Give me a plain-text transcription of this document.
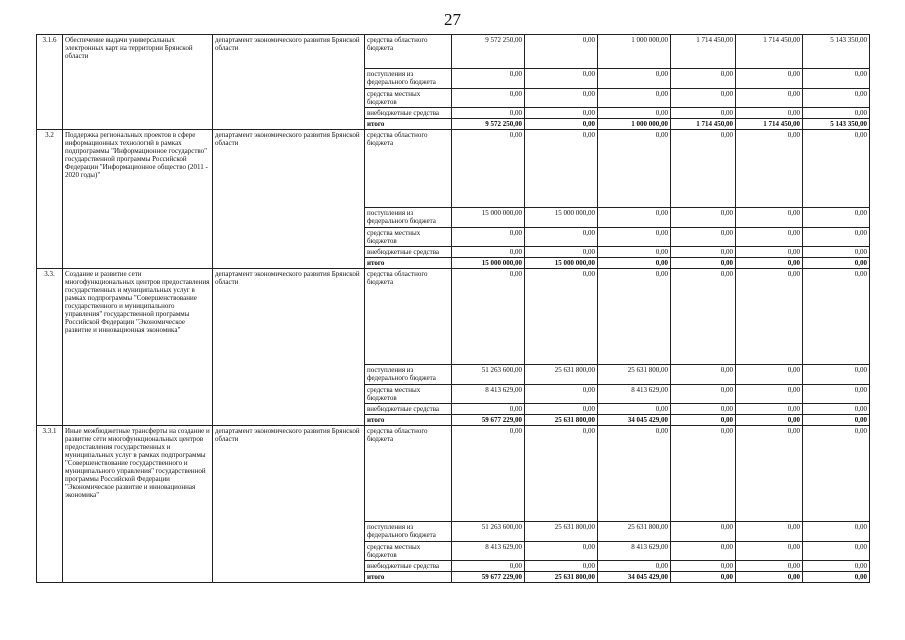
27
3.1.6	Обеспечение выдачи универсальных электронных карт на территории Брянской области	департамент экономического развития Брянской области	средства областного бюджета	9 572 250,00	0,00	1 000 000,00	1 714 450,00	1 714 450,00	5 143 350,00
			поступления из федерального бюджета	0,00	0,00	0,00	0,00	0,00	0,00
			средства местных бюджетов	0,00	0,00	0,00	0,00	0,00	0,00
			внебюджетные средства	0,00	0,00	0,00	0,00	0,00	0,00
			итого	9 572 250,00	0,00	1 000 000,00	1 714 450,00	1 714 450,00	5 143 350,00
3.2	Поддержка региональных проектов в сфере информационных технологий в рамках подпрограммы "Информационное государство" государственной программы Российской Федерации "Информационное общество (2011 - 2020 годы)"	департамент экономического развития Брянской области	средства областного бюджета	0,00	0,00	0,00	0,00	0,00	0,00
			поступления из федерального бюджета	15 000 000,00	15 000 000,00	0,00	0,00	0,00	0,00
			средства местных бюджетов	0,00	0,00	0,00	0,00	0,00	0,00
			внебюджетные средства	0,00	0,00	0,00	0,00	0,00	0,00
			итого	15 000 000,00	15 000 000,00	0,00	0,00	0,00	0,00
3.3.	Создание и развитие сети многофункциональных центров предоставления государственных и муниципальных услуг в рамках подпрограммы "Совершенствование государственного и муниципального управления" государственной программы Российской Федерации "Экономическое развитие и инновационная экономика"	департамент экономического развития Брянской области	средства областного бюджета	0,00	0,00	0,00	0,00	0,00	0,00
			поступления из федерального бюджета	51 263 600,00	25 631 800,00	25 631 800,00	0,00	0,00	0,00
			средства местных бюджетов	8 413 629,00	0,00	8 413 629,00	0,00	0,00	0,00
			внебюджетные средства	0,00	0,00	0,00	0,00	0,00	0,00
			итого	59 677 229,00	25 631 800,00	34 045 429,00	0,00	0,00	0,00
3.3.1	Иные межбюджетные трансферты на создание и развитие сети многофункциональных центров предоставления государственных и муниципальных услуг в рамках подпрограммы "Совершенствование государственного и муниципального управления" государственной программы Российской Федерации "Экономическое развитие и инновационная экономика"	департамент экономического развития Брянской области	средства областного бюджета	0,00	0,00	0,00	0,00	0,00	0,00
			поступления из федерального бюджета	51 263 600,00	25 631 800,00	25 631 800,00	0,00	0,00	0,00
			средства местных бюджетов	8 413 629,00	0,00	8 413 629,00	0,00	0,00	0,00
			внебюджетные средства	0,00	0,00	0,00	0,00	0,00	0,00
			итого	59 677 229,00	25 631 800,00	34 045 429,00	0,00	0,00	0,00
